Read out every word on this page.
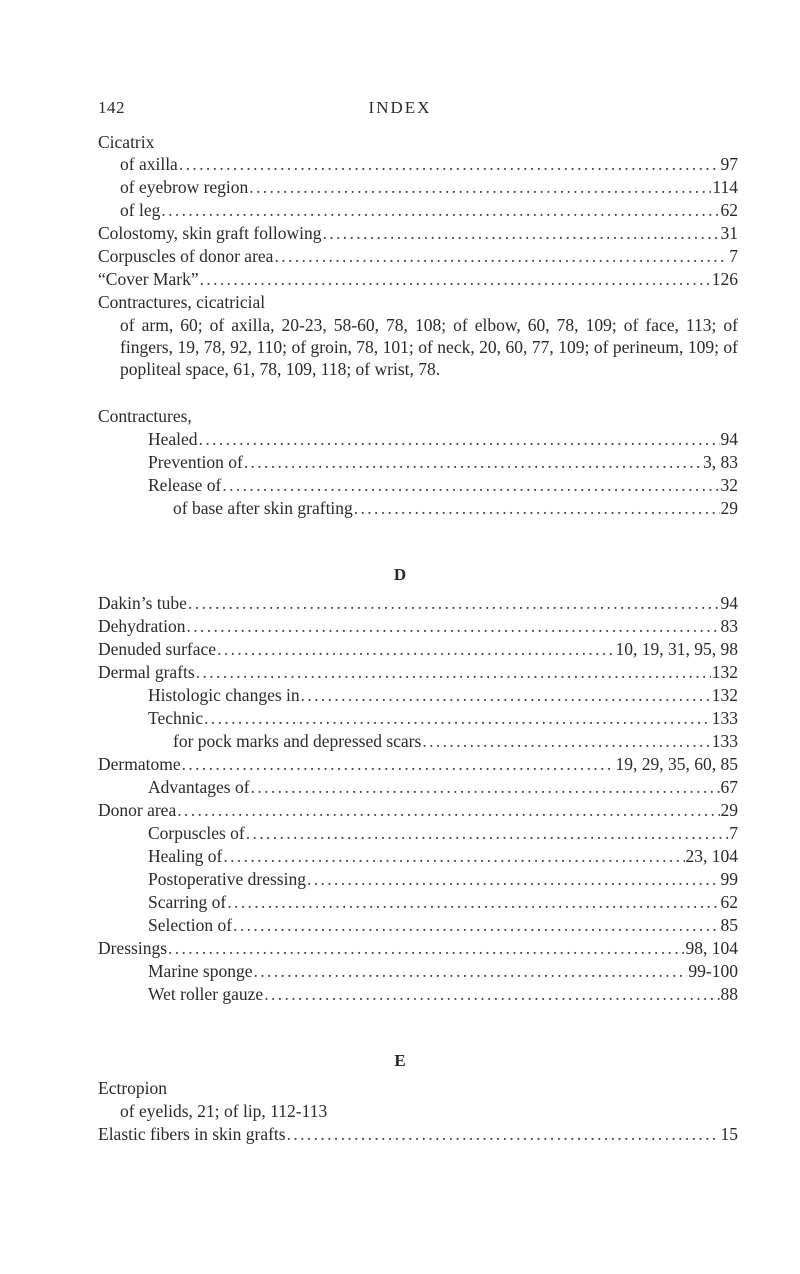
142	INDEX
Cicatrix
of axilla . . .	97
of eyebrow region . . .	114
of leg . . .	62
Colostomy, skin graft following . . .	31
Corpuscles of donor area . . .	7
“Cover Mark” . . .	126
Contractures, cicatricial
of arm, 60; of axilla, 20-23, 58-60, 78, 108; of elbow, 60, 78, 109; of face, 113; of fingers, 19, 78, 92, 110; of groin, 78, 101; of neck, 20, 60, 77, 109; of perineum, 109; of popliteal space, 61, 78, 109, 118; of wrist, 78.
Contractures,
Healed . . .	94
Prevention of . . .	3, 83
Release of . . .	32
of base after skin grafting . . .	29
D
Dakin’s tube . . .	94
Dehydration . . .	83
Denuded surface . . .	10, 19, 31, 95, 98
Dermal grafts . . .	132
Histologic changes in . . .	132
Technic . . .	133
for pock marks and depressed scars . . .	133
Dermatome . . .	19, 29, 35, 60, 85
Advantages of . . .	67
Donor area . . .	29
Corpuscles of . . .	7
Healing of . . .	23, 104
Postoperative dressing . . .	99
Scarring of . . .	62
Selection of . . .	85
Dressings . . .	98, 104
Marine sponge . . .	99-100
Wet roller gauze . . .	88
E
Ectropion
of eyelids, 21; of lip, 112-113
Elastic fibers in skin grafts . . .	15
